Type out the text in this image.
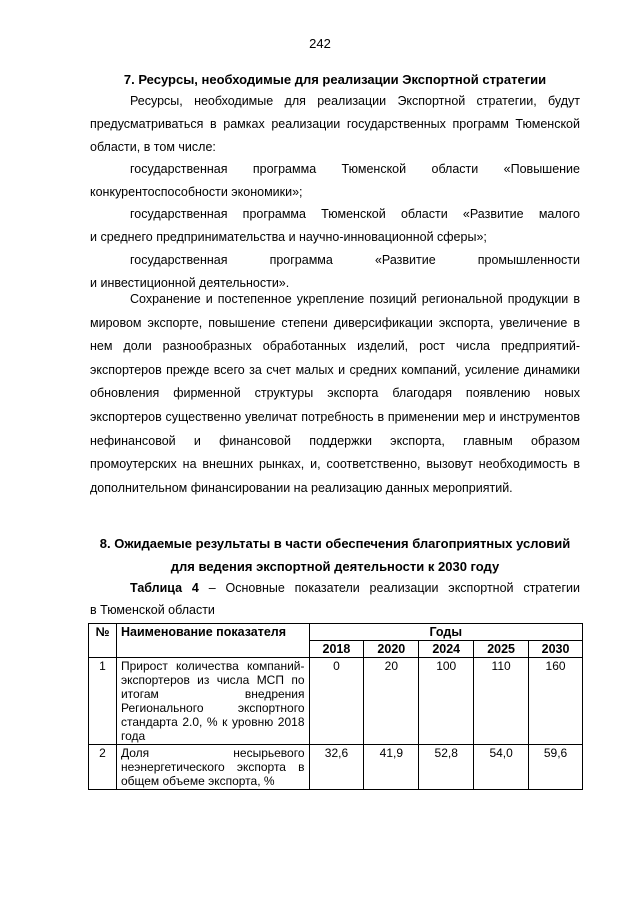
242
7. Ресурсы, необходимые для реализации Экспортной стратегии
Ресурсы, необходимые для реализации Экспортной стратегии, будут
предусматриваться в рамках реализации государственных программ Тюменской
области, в том числе:
государственная программа Тюменской области «Повышение
конкурентоспособности экономики»;
государственная программа Тюменской области «Развитие малого
и среднего предпринимательства и научно-инновационной сферы»;
государственная программа «Развитие промышленности
и инвестиционной деятельности».

Сохранение и постепенное укрепление позиций региональной продукции в мировом экспорте, повышение степени диверсификации экспорта, увеличение в нем доли разнообразных обработанных изделий, рост числа предприятий-экспортеров прежде всего за счет малых и средних компаний, усиление динамики обновления фирменной структуры экспорта благодаря появлению новых экспортеров существенно увеличат потребность в применении мер и инструментов нефинансовой и финансовой поддержки экспорта, главным образом промоутерских на внешних рынках, и, соответственно, вызовут необходимость в дополнительном финансировании на реализацию данных мероприятий.

8. Ожидаемые результаты в части обеспечения благоприятных условий
для ведения экспортной деятельности к 2030 году
Таблица 4 – Основные показатели реализации экспортной стратегии
в Тюменской области
№	Наименование показателя	Годы				
		2018	2020	2024	2025	2030
1	Прирост количества компаний-экспортеров из числа МСП по итогам внедрения Регионального экспортного стандарта 2.0, % к уровню 2018 года	0	20	100	110	160
2	Доля несырьевого неэнергетического экспорта в общем объеме экспорта, %	32,6	41,9	52,8	54,0	59,6
